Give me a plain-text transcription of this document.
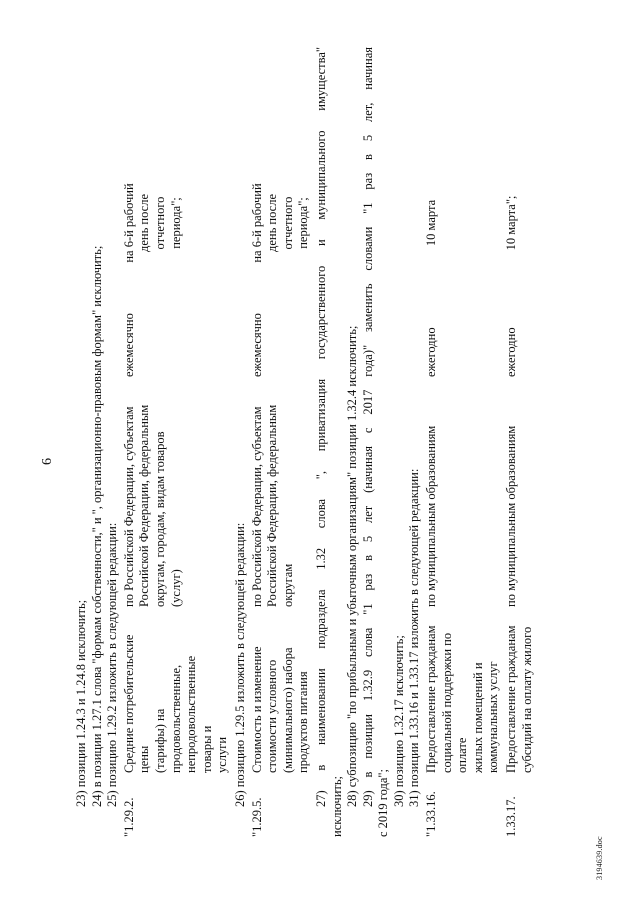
6

23) позиции 1.24.3 и 1.24.8 исключить; 24) в позиции 1.27.1 слова "формам собственности," и ", организационно-правовым формам" исключить; 25) позицию 1.29.2 изложить в следующей редакции:

"1.29.2.	
Средние потребительские цены (тарифы) на продовольственные, непродовольственные товары и услуги

по Российской Федерации, субъектам Российской Федерации, федеральным округам, городам, видам товаров (услуг)
	ежемесячно	
на 6-й рабочий день после отчетного периода";

26) позицию 1.29.5 изложить в следующей редакции:

"1.29.5.	
Стоимость и изменение стоимости условного (минимального) набора продуктов питания

по Российской Федерации, субъектам Российской Федерации, федеральным округам
	ежемесячно	
на 6-й рабочий день после отчетного периода"; 27) в наименовании подраздела 1.32 слова ", приватизация государственного и муниципального имущества" исключить; 28) субпозицию "по прибыльным и убыточным организациям" позиции 1.32.4 исключить; 29) в позиции 1.32.9 слова "1 раз в 5 лет (начиная с 2017 года)" заменить словами "1 раз в 5 лет, начиная с 2019 года"; 30) позицию 1.32.17 исключить; 31) позиции 1.33.16 и 1.33.17 изложить в следующей редакции:

"1.33.16.	
Предоставление гражданам социальной поддержки по оплате жилых помещений и коммунальных услуг

по муниципальным образованиям
	ежегодно	
10 марта
1.33.17.	
Предоставление гражданам субсидий на оплату жилого

по муниципальным образованиям
	ежегодно	
10 марта";
3194639.doc
